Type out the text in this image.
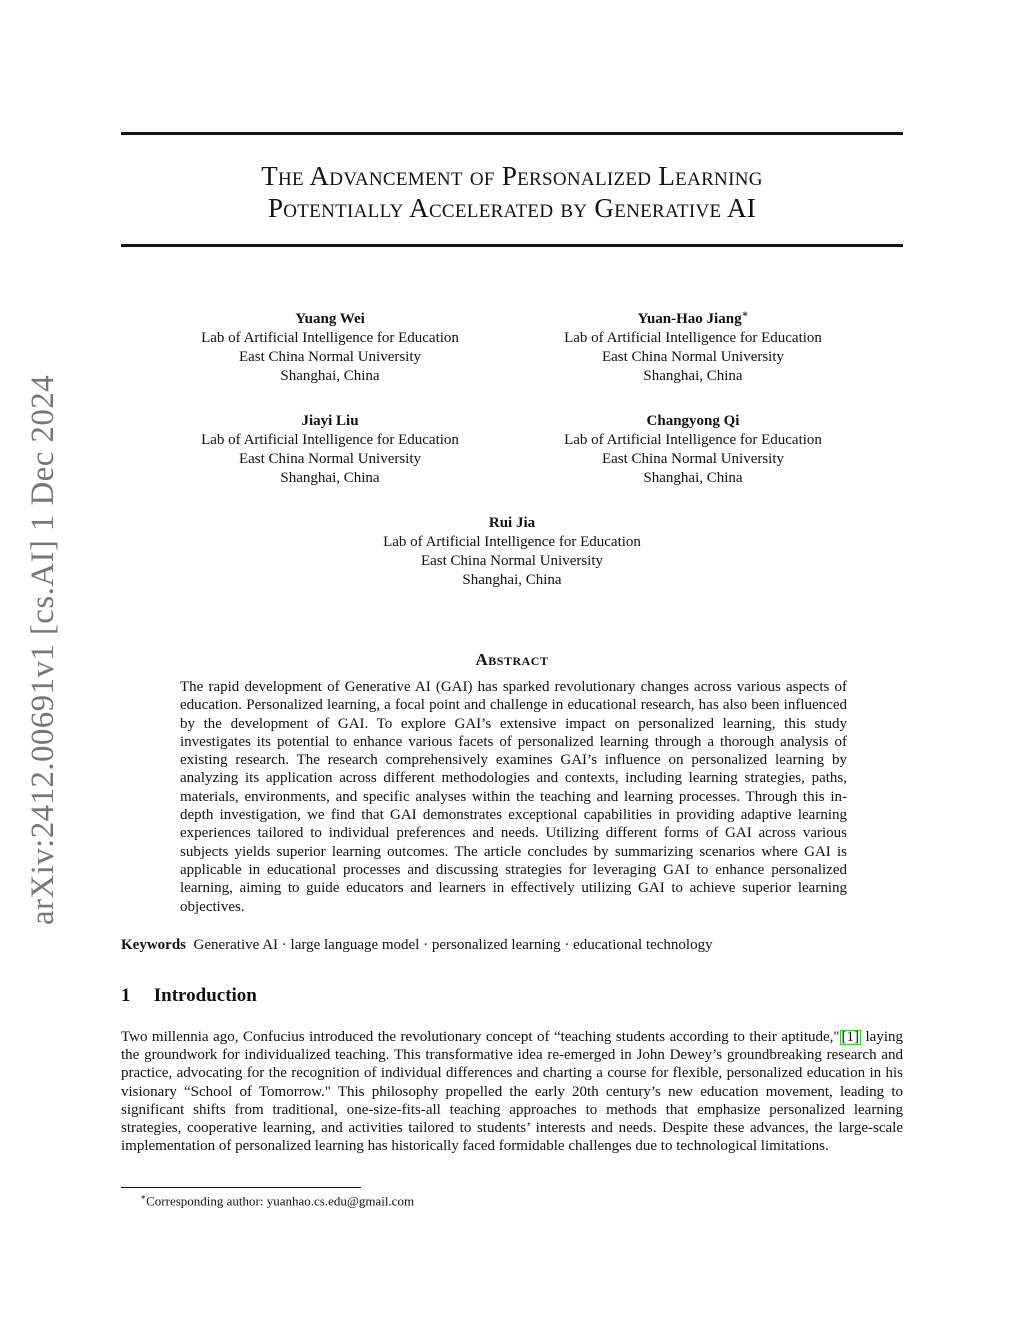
arXiv:2412.00691v1 [cs.AI] 1 Dec 2024
The Advancement of Personalized Learning
Potentially Accelerated by Generative AI
Yuang Wei
Lab of Artificial Intelligence for Education
East China Normal University
Shanghai, China
Yuan-Hao Jiang∗
Lab of Artificial Intelligence for Education
East China Normal University
Shanghai, China
Jiayi Liu
Lab of Artificial Intelligence for Education
East China Normal University
Shanghai, China
Changyong Qi
Lab of Artificial Intelligence for Education
East China Normal University
Shanghai, China
Rui Jia
Lab of Artificial Intelligence for Education
East China Normal University
Shanghai, China
Abstract
The rapid development of Generative AI (GAI) has sparked revolutionary changes across various aspects of education. Personalized learning, a focal point and challenge in educational research, has also been influenced by the development of GAI. To explore GAI’s extensive impact on personalized learning, this study investigates its potential to enhance various facets of personalized learning through a thorough analysis of existing research. The research comprehensively examines GAI’s influence on personalized learning by analyzing its application across different methodologies and contexts, including learning strategies, paths, materials, environments, and specific analyses within the teaching and learning processes. Through this in-depth investigation, we find that GAI demonstrates exceptional capabilities in providing adaptive learning experiences tailored to individual preferences and needs. Utilizing different forms of GAI across various subjects yields superior learning outcomes. The article concludes by summarizing scenarios where GAI is applicable in educational processes and discussing strategies for leveraging GAI to enhance personalized learning, aiming to guide educators and learners in effectively utilizing GAI to achieve superior learning objectives.
Keywords Generative AI · large language model · personalized learning · educational technology
1 Introduction
Two millennia ago, Confucius introduced the revolutionary concept of “teaching students according to their aptitude," [1] laying the groundwork for individualized teaching. This transformative idea re-emerged in John Dewey’s groundbreaking research and practice, advocating for the recognition of individual differences and charting a course for flexible, personalized education in his visionary “School of Tomorrow." This philosophy propelled the early 20th century’s new education movement, leading to significant shifts from traditional, one-size-fits-all teaching approaches to methods that emphasize personalized learning strategies, cooperative learning, and activities tailored to students’ interests and needs. Despite these advances, the large-scale implementation of personalized learning has historically faced formidable challenges due to technological limitations.
∗Corresponding author: yuanhao.cs.edu@gmail.com
